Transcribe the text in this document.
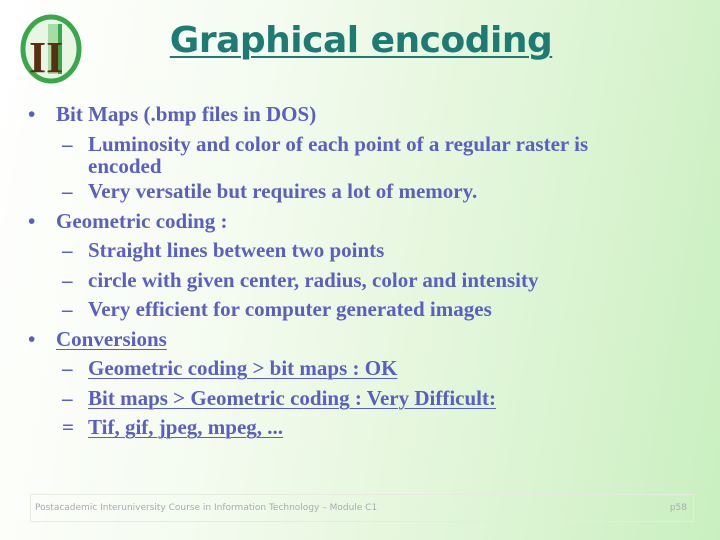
II	Graphical encoding
• Bit Maps (.bmp files in DOS)
– Luminosity and color of each point of a regular raster is
encoded
– Very versatile but requires a lot of memory.
• Geometric coding :
– Straight lines between two points
– circle with given center, radius, color and intensity
– Very efficient for computer generated images
• Conversions
– Geometric coding > bit maps : OK
– Bit maps > Geometric coding : Very Difficult:
= Tif, gif, jpeg, mpeg, ...
Postacademic Interuniversity Course in Information Technology – Module C1	p58
